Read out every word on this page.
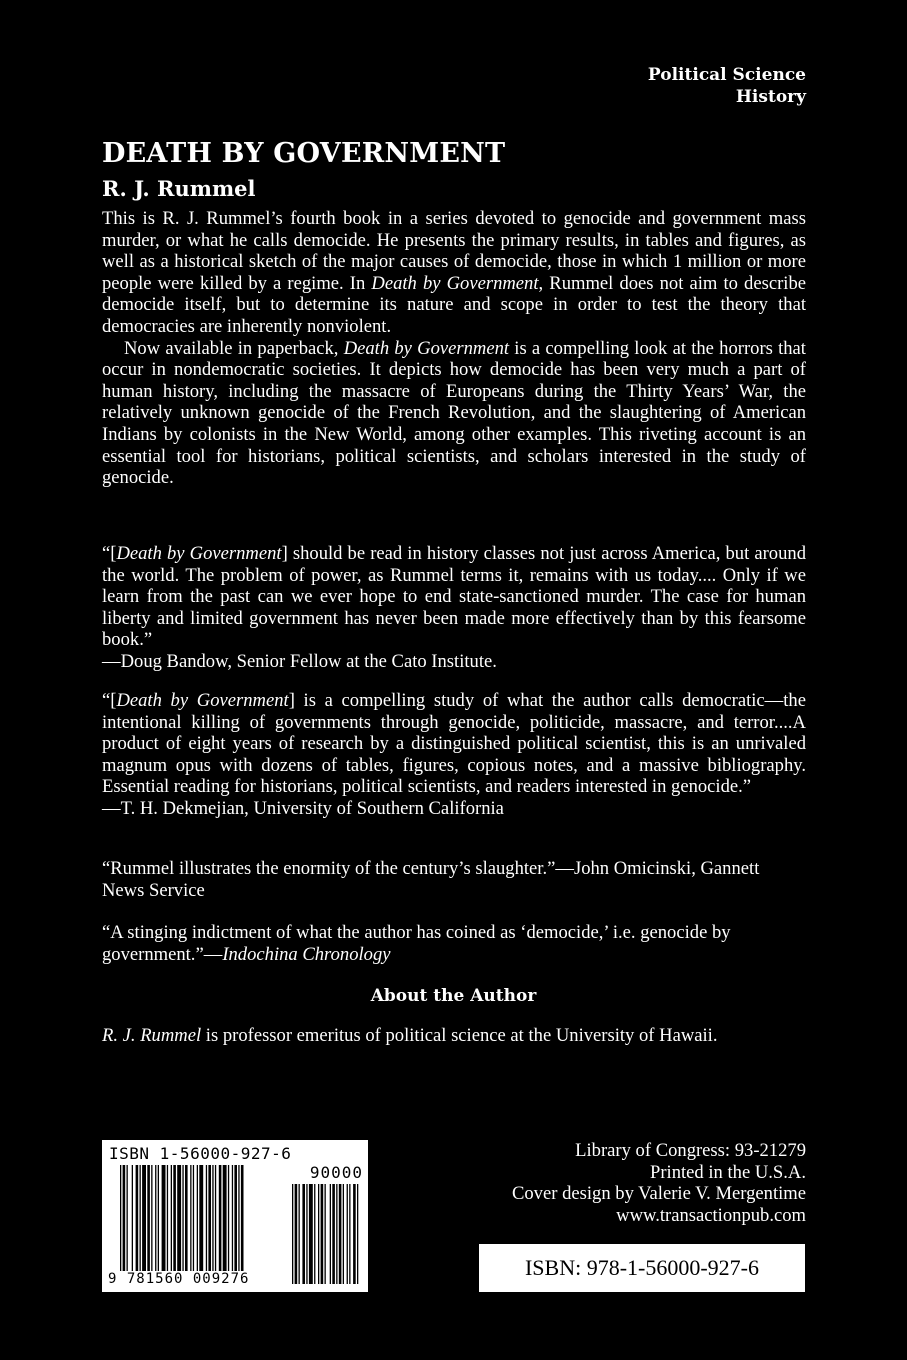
Political Science
History
DEATH BY GOVERNMENT
R. J. Rummel

This is R. J. Rummel’s fourth book in a series devoted to genocide and government mass murder, or what he calls democide. He presents the primary results, in tables and figures, as well as a historical sketch of the major causes of democide, those in which 1 million or more people were killed by a regime. In Death by Government, Rummel does not aim to describe democide itself, but to determine its nature and scope in order to test the theory that democracies are inherently nonviolent.

Now available in paperback, Death by Government is a compelling look at the horrors that occur in nondemocratic societies. It depicts how democide has been very much a part of human history, including the massacre of Europeans during the Thirty Years’ War, the relatively unknown genocide of the French Revolution, and the slaughtering of American Indians by colonists in the New World, among other examples. This riveting account is an essential tool for historians, political scientists, and scholars interested in the study of genocide.

“[Death by Government] should be read in history classes not just across America, but around the world. The problem of power, as Rummel terms it, remains with us today.... Only if we learn from the past can we ever hope to end state-sanctioned murder. The case for human liberty and limited government has never been made more effectively than by this fearsome book.”
—Doug Bandow, Senior Fellow at the Cato Institute.
“[Death by Government] is a compelling study of what the author calls democratic—the intentional killing of governments through genocide, politicide, massacre, and terror....A product of eight years of research by a distinguished political scientist, this is an unrivaled magnum opus with dozens of tables, figures, copious notes, and a massive bibliography. Essential reading for historians, political scientists, and readers interested in genocide.”
—T. H. Dekmejian, University of Southern California
“Rummel illustrates the enormity of the century’s slaughter.”—John Omicinski, Gannett News Service
“A stinging indictment of what the author has coined as ‘democide,’ i.e. genocide by government.”—Indochina Chronology
About the Author
R. J. Rummel is professor emeritus of political science at the University of Hawaii.
ISBN 1-56000-927-6
90000
9 781560 009276
Library of Congress: 93-21279
Printed in the U.S.A.
Cover design by Valerie V. Mergentime
www.transactionpub.com
ISBN: 978-1-56000-927-6
